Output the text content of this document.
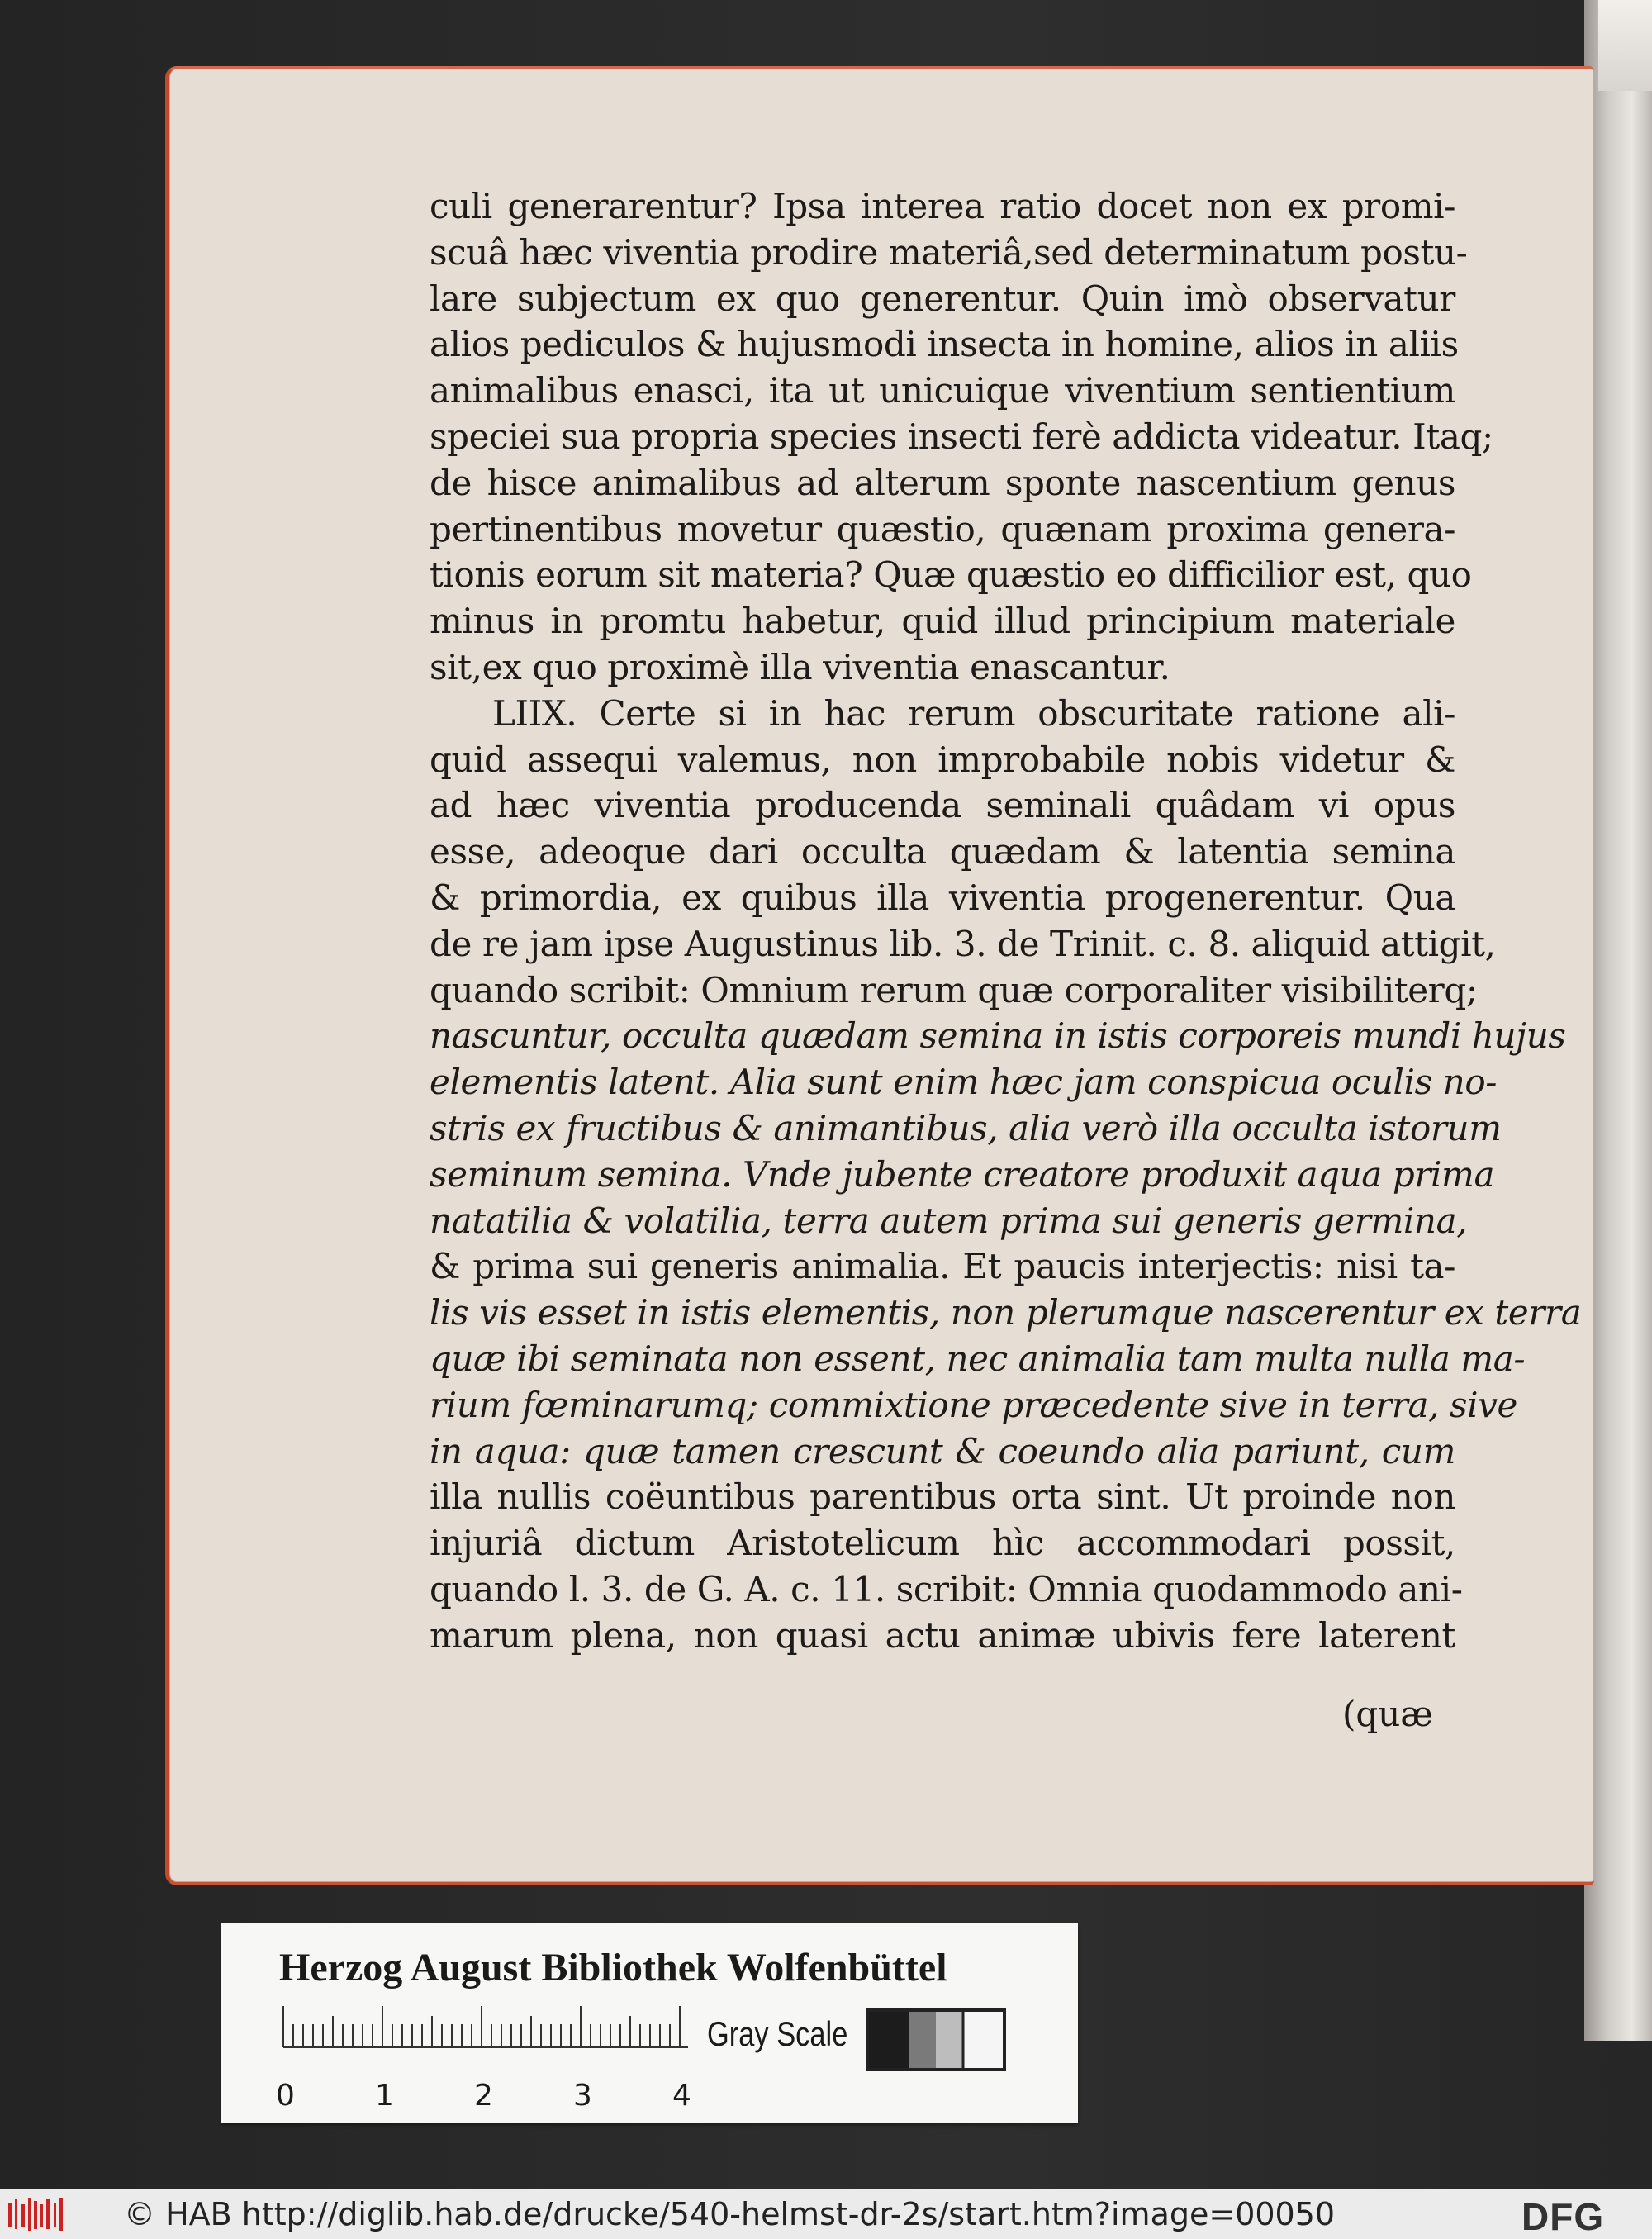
culi generarentur? Ipsa interea ratio docet non ex promi-
scuâ hæc viventia prodire materiâ,sed determinatum postu-
lare subjectum ex quo generentur. Quin imò observatur
alios pediculos & hujusmodi insecta in homine, alios in aliis
animalibus enasci, ita ut unicuique viventium sentientium
speciei sua propria species insecti ferè addicta videatur. Itaq;
de hisce animalibus ad alterum sponte nascentium genus
pertinentibus movetur quæstio, quænam proxima genera-
tionis eorum sit materia? Quæ quæstio eo difficilior est, quo
minus in promtu habetur, quid illud principium materiale
sit,ex quo proximè illa viventia enascantur.
LIIX. Certe si in hac rerum obscuritate ratione ali-
quid assequi valemus, non improbabile nobis videtur &
ad hæc viventia producenda seminali quâdam vi opus
esse, adeoque dari occulta quædam & latentia semina
& primordia, ex quibus illa viventia progenerentur. Qua
de re jam ipse Augustinus lib. 3. de Trinit. c. 8. aliquid attigit,
quando scribit: Omnium rerum quæ corporaliter visibiliterq;
nascuntur, occulta quædam semina in istis corporeis mundi hujus
elementis latent. Alia sunt enim hæc jam conspicua oculis no-
stris ex fructibus & animantibus, alia verò illa occulta istorum
seminum semina. Vnde jubente creatore produxit aqua prima
natatilia & volatilia, terra autem prima sui generis germina,
& prima sui generis animalia. Et paucis interjectis: nisi ta-
lis vis esset in istis elementis, non plerumque nascerentur ex terra
quæ ibi seminata non essent, nec animalia tam multa nulla ma-
rium fœminarumq; commixtione præcedente sive in terra, sive
in aqua: quæ tamen crescunt & coeundo alia pariunt, cum
illa nullis coëuntibus parentibus orta sint. Ut proinde non
injuriâ dictum Aristotelicum hìc accommodari possit,
quando l. 3. de G. A. c. 11. scribit: Omnia quodammodo ani-
marum plena, non quasi actu animæ ubivis fere laterent
(quæ
Herzog August Bibliothek Wolfenbüttel
Gray Scale
0	1	2	3	4
© HAB http://diglib.hab.de/drucke/540-helmst-dr-2s/start.htm?image=00050	DFG
